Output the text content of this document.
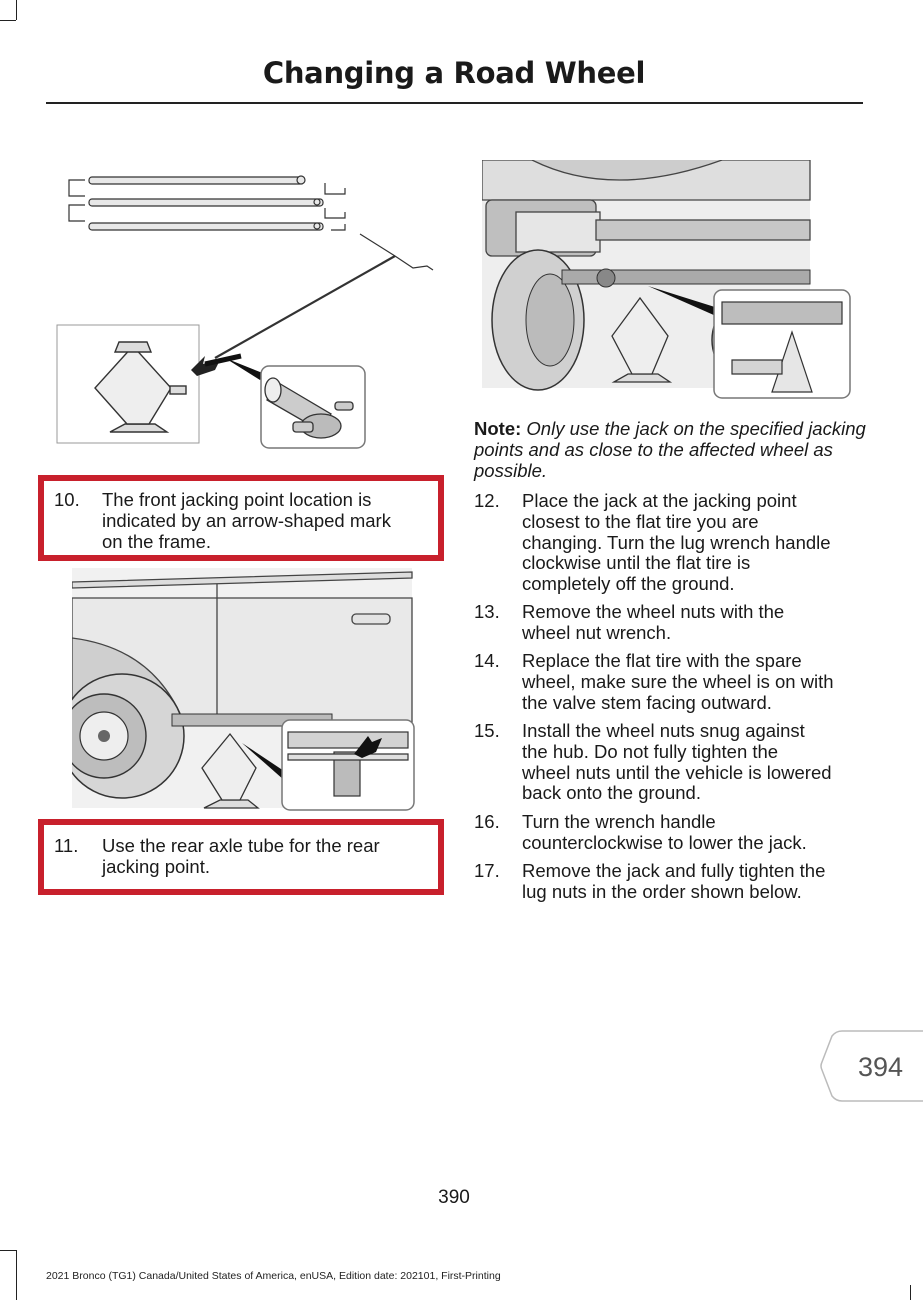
Changing a Road Wheel
10. The front jacking point location is
indicated by an arrow-shaped mark
on the frame.
11. Use the rear axle tube for the rear
jacking point.
Note: Only use the jack on the specified jacking points and as close to the affected wheel as possible.
12. Place the jack at the jacking point
closest to the flat tire you are
changing. Turn the lug wrench handle
clockwise until the flat tire is
completely off the ground.
13. Remove the wheel nuts with the
wheel nut wrench.
14. Replace the flat tire with the spare
wheel, make sure the wheel is on with
the valve stem facing outward.
15. Install the wheel nuts snug against
the hub. Do not fully tighten the
wheel nuts until the vehicle is lowered
back onto the ground.
16. Turn the wrench handle
counterclockwise to lower the jack.
17. Remove the jack and fully tighten the
lug nuts in the order shown below.
394
390
2021 Bronco (TG1) Canada/United States of America, enUSA, Edition date: 202101, First-Printing
